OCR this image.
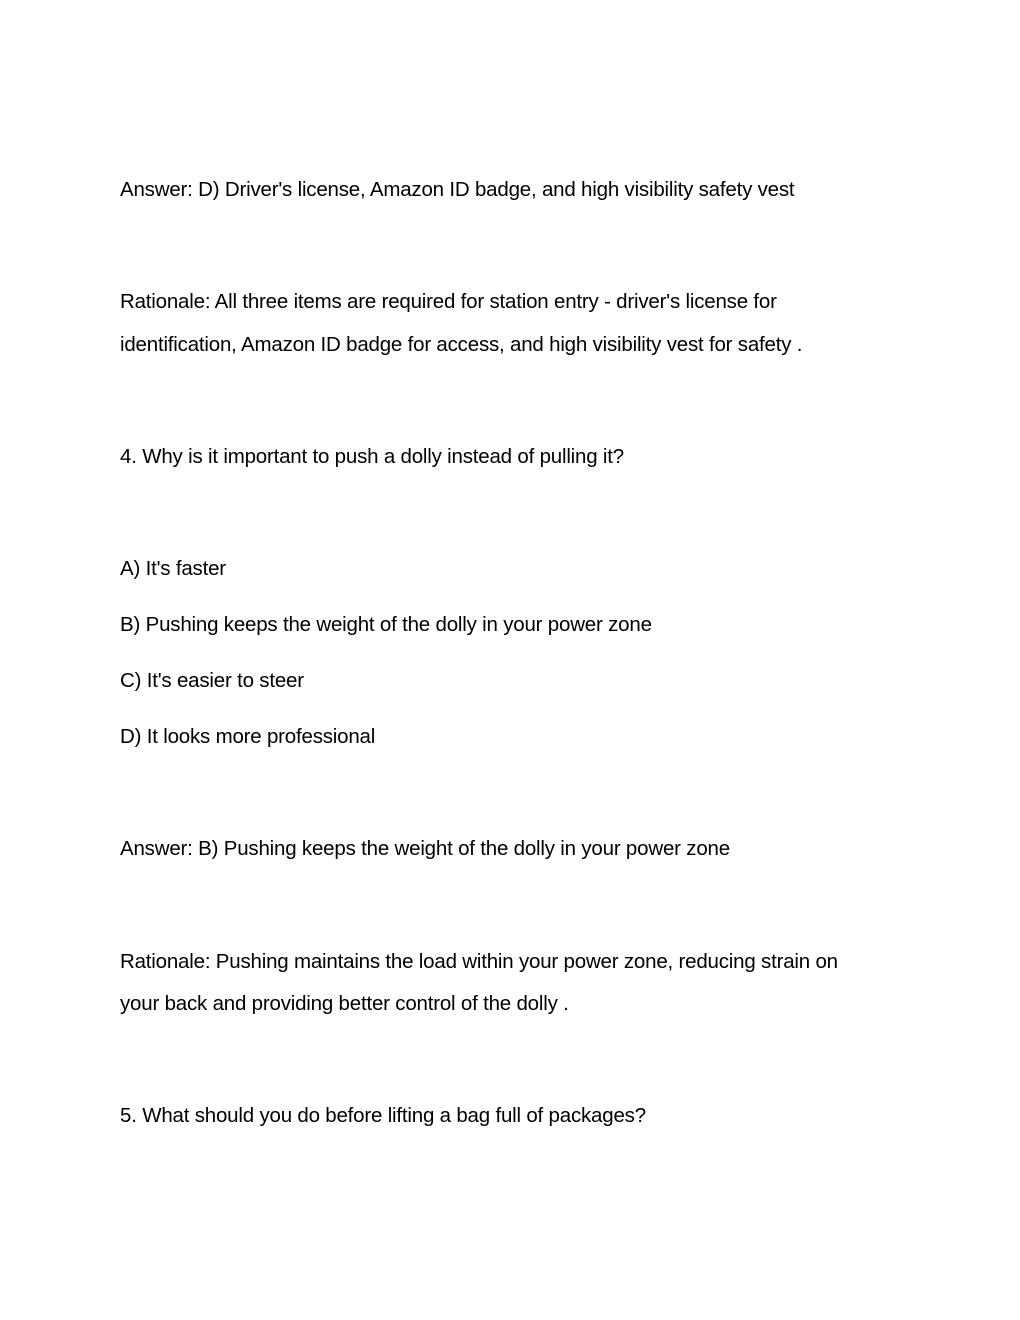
Answer: D) Driver's license, Amazon ID badge, and high visibility safety vest
Rationale: All three items are required for station entry - driver's license for
identification, Amazon ID badge for access, and high visibility vest for safety .
4. Why is it important to push a dolly instead of pulling it?
A) It's faster
B) Pushing keeps the weight of the dolly in your power zone
C) It's easier to steer
D) It looks more professional
Answer: B) Pushing keeps the weight of the dolly in your power zone
Rationale: Pushing maintains the load within your power zone, reducing strain on
your back and providing better control of the dolly .
5. What should you do before lifting a bag full of packages?
